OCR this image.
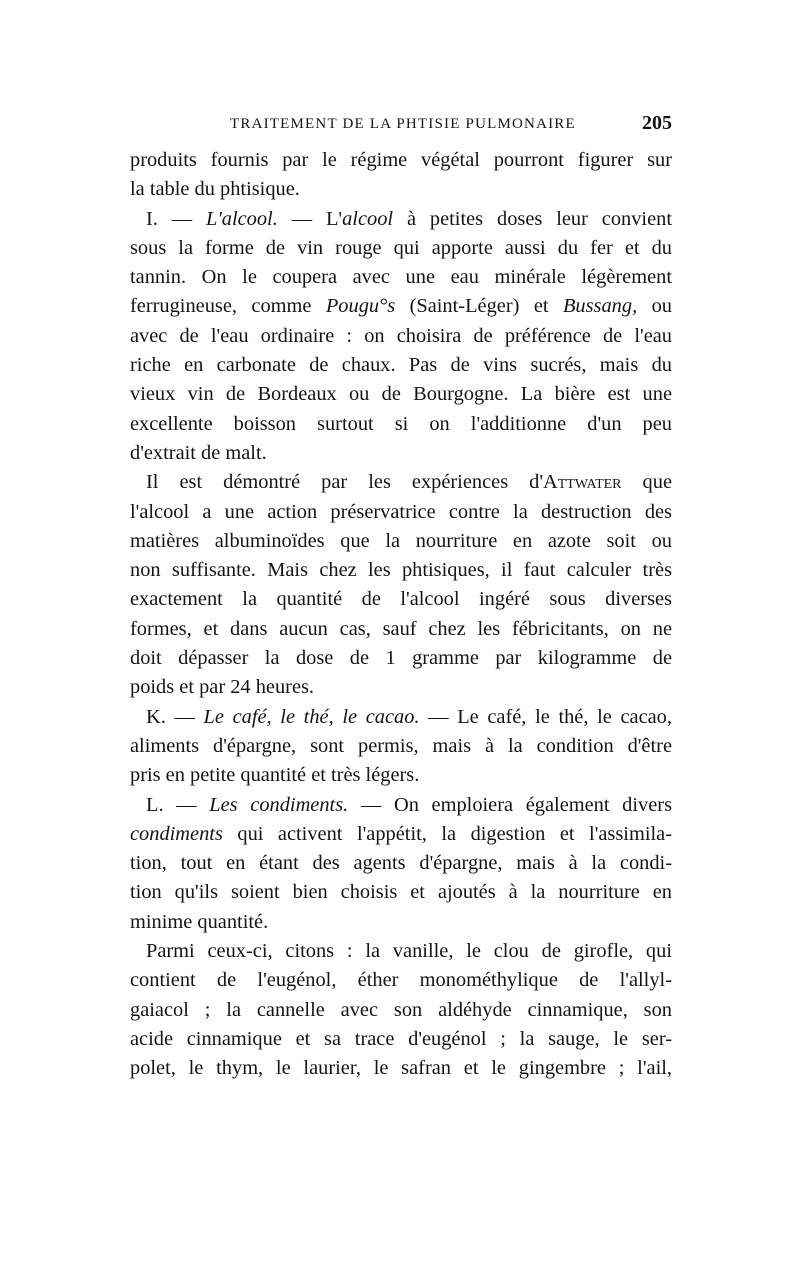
TRAITEMENT DE LA PHTISIE PULMONAIRE	205
produits fournis par le régime végétal pourront figurer sur
la table du phtisique.
I. — L'alcool. — L'alcool à petites doses leur convient
sous la forme de vin rouge qui apporte aussi du fer et du
tannin. On le coupera avec une eau minérale légèrement
ferrugineuse, comme Pougu°s (Saint-Léger) et Bussang, ou
avec de l'eau ordinaire : on choisira de préférence de l'eau
riche en carbonate de chaux. Pas de vins sucrés, mais du
vieux vin de Bordeaux ou de Bourgogne. La bière est une
excellente boisson surtout si on l'additionne d'un peu
d'extrait de malt.
Il est démontré par les expériences d'Attwater que
l'alcool a une action préservatrice contre la destruction des
matières albuminoïdes que la nourriture en azote soit ou
non suffisante. Mais chez les phtisiques, il faut calculer très
exactement la quantité de l'alcool ingéré sous diverses
formes, et dans aucun cas, sauf chez les fébricitants, on ne
doit dépasser la dose de 1 gramme par kilogramme de
poids et par 24 heures.
K. — Le café, le thé, le cacao. — Le café, le thé, le cacao,
aliments d'épargne, sont permis, mais à la condition d'être
pris en petite quantité et très légers.
L. — Les condiments. — On emploiera également divers
condiments qui activent l'appétit, la digestion et l'assimila-
tion, tout en étant des agents d'épargne, mais à la condi-
tion qu'ils soient bien choisis et ajoutés à la nourriture en
minime quantité.
Parmi ceux-ci, citons : la vanille, le clou de girofle, qui
contient de l'eugénol, éther monométhylique de l'allyl-
gaiacol ; la cannelle avec son aldéhyde cinnamique, son
acide cinnamique et sa trace d'eugénol ; la sauge, le ser-
polet, le thym, le laurier, le safran et le gingembre ; l'ail,
